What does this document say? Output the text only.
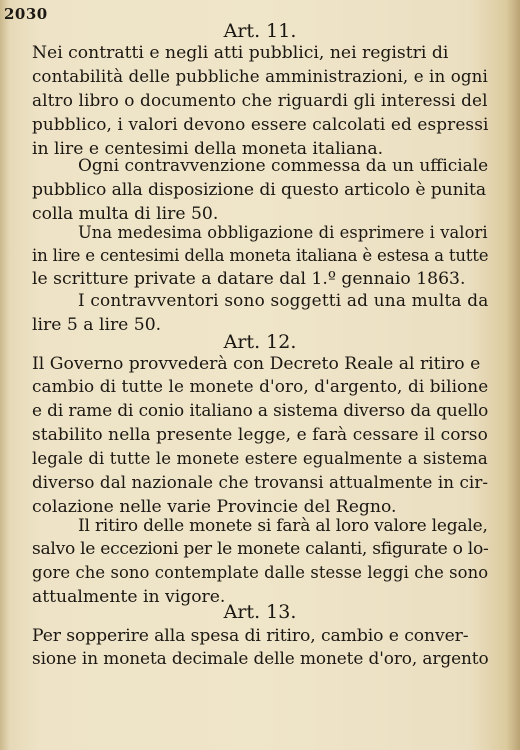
2030
Art. 11.
Nei contratti e negli atti pubblici, nei registri di
contabilità delle pubbliche amministrazioni, e in ogni
altro libro o documento che riguardi gli interessi del
pubblico, i valori devono essere calcolati ed espressi
in lire e centesimi della moneta italiana.
Ogni contravvenzione commessa da un ufficiale
pubblico alla disposizione di questo articolo è punita
colla multa di lire 50.
Una medesima obbligazione di esprimere i valori
in lire e centesimi della moneta italiana è estesa a tutte
le scritture private a datare dal 1.º gennaio 1863.
I contravventori sono soggetti ad una multa da
lire 5 a lire 50.
Art. 12.
Il Governo provvederà con Decreto Reale al ritiro e
cambio di tutte le monete d'oro, d'argento, di bilione
e di rame di conio italiano a sistema diverso da quello
stabilito nella presente legge, e farà cessare il corso
legale di tutte le monete estere egualmente a sistema
diverso dal nazionale che trovansi attualmente in cir-
colazione nelle varie Provincie del Regno.
Il ritiro delle monete si farà al loro valore legale,
salvo le eccezioni per le monete calanti, sfigurate o lo-
gore che sono contemplate dalle stesse leggi che sono
attualmente in vigore.
Art. 13.
Per sopperire alla spesa di ritiro, cambio e conver-
sione in moneta decimale delle monete d'oro, argento
